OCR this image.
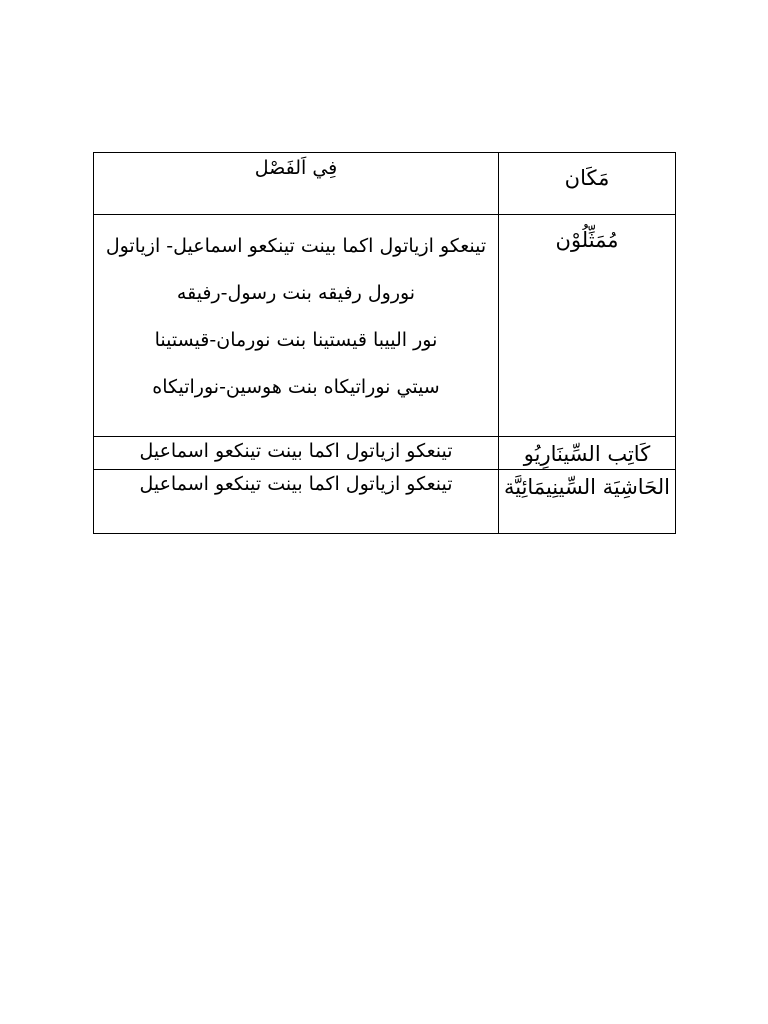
مَكَان	فِي اَلفَصْل
مُمَثِّلُوْن	تينعكو ازياتول اكما بينت تينكعو اسماعيل- ازياتول
نورول رفيقه بنت رسول-رفيقه
نور الييبا قيستينا بنت نورمان-قيستينا
سيتي نوراتيكاه بنت هوسين-نوراتيكاه

كَاتِب السِّينَارِيُو	تينعكو ازياتول اكما بينت تينكعو اسماعيل
الحَاشِيَة السِّينِيمَائِيَّة	تينعكو ازياتول اكما بينت تينكعو اسماعيل
